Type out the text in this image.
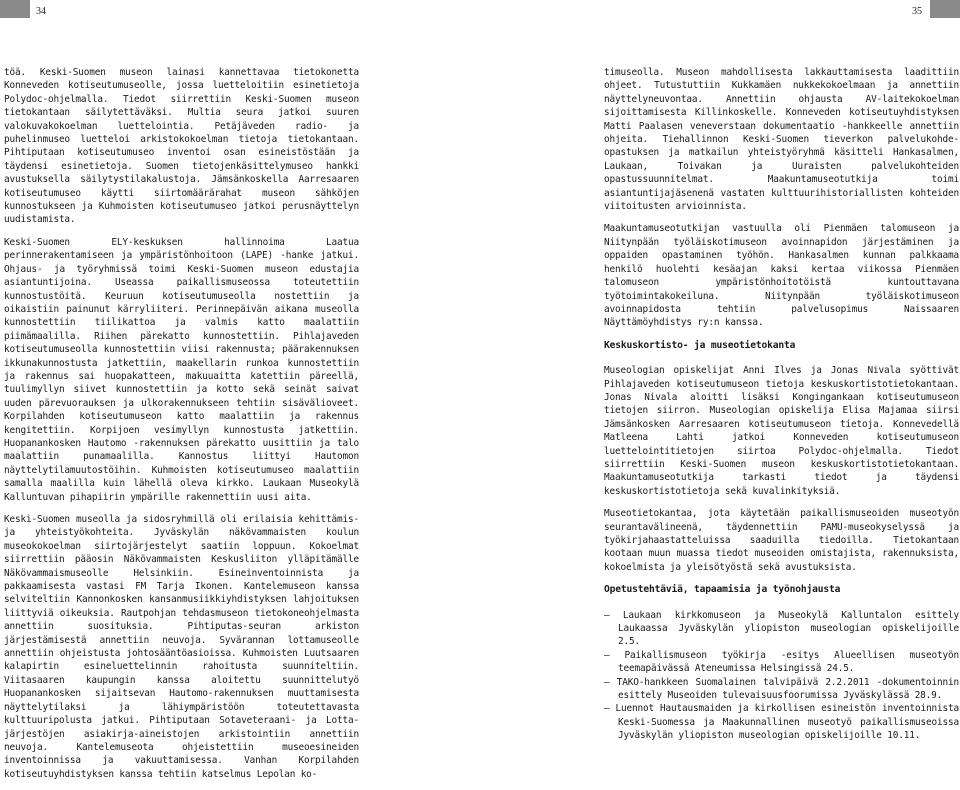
34	35

töä. Keski-Suomen museon lainasi kannettavaa tietokonetta Konneveden kotiseutumuseolle, jossa luetteloitiin esinetietoja Polydoc-ohjelmalla. Tiedot siirrettiin Keski-Suomen museon tietokantaan säilytettäväksi. Multia seura jatkoi suuren valokuvakokoelman luettelointia. Petäjäveden radio- ja puhelinmuseo luetteloi arkistokokoelman tietoja tietokantaan. Pihtiputaan kotiseutumuseo inventoi osan esineistöstään ja täydensi esinetietoja. Suomen tietojenkäsittelymuseo hankki avustuksella säilytystilakalustoja. Jämsänkoskella Aarresaaren kotiseutumuseo käytti siirtomäärärahat museon sähköjen kunnostukseen ja Kuhmoisten kotiseutumuseo jatkoi perusnäyttelyn uudistamista.

Keski-Suomen ELY-keskuksen hallinnoima Laatua perinnerakentamiseen ja ympäristönhoitoon (LAPE) -hanke jatkui. Ohjaus- ja työryhmissä toimi Keski-Suomen museon edustajia asiantuntijoina. Useassa paikallismuseossa toteutettiin kunnostustöitä. Keuruun kotiseutumuseolla nostettiin ja oikaistiin painunut kärryliiteri. Perinnepäivän aikana museolla kunnostettiin tiilikattoa ja valmis katto maalattiin piimämaalilla. Riihen pärekatto kunnostettiin. Pihlajaveden kotiseutumuseolla kunnostettiin viisi rakennusta; päärakennuksen ikkunakunnostusta jatkettiin, maakellarin runkoa kunnostettiin ja rakennus sai huopakatteen, makuuaitta katettiin päreellä, tuulimyllyn siivet kunnostettiin ja kotto sekä seinät saivat uuden pärevuorauksen ja ulkorakennukseen tehtiin sisävälioveet. Korpilahden kotiseutumuseon katto maalattiin ja rakennus kengitettiin. Korpijoen vesimyllyn kunnostusta jatkettiin. Huopanankosken Hautomo -rakennuksen pärekatto uusittiin ja talo maalattiin punamaalilla. Kannostus liittyi Hautomon näyttelytilamuutostöihin. Kuhmoisten kotiseutumuseo maalattiin samalla maalilla kuin lähellä oleva kirkko. Laukaan Museokylä Kalluntuvan pihapiirin ympärille rakennettiin uusi aita.

Keski-Suomen museolla ja sidosryhmillä oli erilaisia kehittämis- ja yhteistyökohteita. Jyväskylän näkövammaisten koulun museokokoelman siirtojärjestelyt saatiin loppuun. Kokoelmat siirrettiin pääosin Näkövammaisten Keskusliiton ylläpitämälle Näkövammaismuseolle Helsinkiin. Esineinventoinnista ja pakkaamisesta vastasi FM Tarja Ikonen. Kantelemuseon kanssa selviteltiin Kannonkosken kansanmusiikkiyhdistyksen lahjoituksen liittyviä oikeuksia. Rautpohjan tehdasmuseon tietokoneohjelmasta annettiin suosituksia. Pihtiputas-seuran arkiston järjestämisestä annettiin neuvoja. Syvärannan lottamuseolle annettiin ohjeistusta johtosääntöasioissa. Kuhmoisten Luutsaaren kalapirtin esineluettelinnin rahoitusta suunniteltiin. Viitasaaren kaupungin kanssa aloitettu suunnittelutyö Huopanankosken sijaitsevan Hautomo-rakennuksen muuttamisesta näyttelytilaksi ja lähiympäristöön toteutettavasta kulttuuripolusta jatkui. Pihtiputaan Sotaveteraani- ja Lotta-järjestöjen asiakirja-aineistojen arkistointiin annettiin neuvoja. Kantelemuseota ohjeistettiin museoesineiden inventoinnissa ja vakuuttamisessa. Vanhan Korpilahden kotiseutuyhdistyksen kanssa tehtiin katselmus Lepolan ko-

timuseolla. Museon mahdollisesta lakkauttamisesta laadittiin ohjeet. Tutustuttiin Kukkamäen nukkekokoelmaan ja annettiin näyttelyneuvontaa. Annettiin ohjausta AV-laitekokoelman sijoittamisesta Killinkoskelle. Konneveden kotiseutuyhdistyksen Matti Paalasen veneverstaan dokumentaatio -hankkeelle annettiin ohjeita. Tiehallinnon Keski-Suomen tieverkon palvelukohde-opastuksen ja matkailun yhteistyöryhmä käsitteli Hankasalmen, Laukaan, Toivakan ja Uuraisten palvelukohteiden opastussuunnitelmat. Maakuntamuseotutkija toimi asiantuntijajäsenenä vastaten kulttuurihistoriallisten kohteiden viitoitusten arvioinnista.

Maakuntamuseotutkijan vastuulla oli Pienmäen talomuseon ja Niitynpään työläiskotimuseon avoinnapidon järjestäminen ja oppaiden opastaminen työhön. Hankasalmen kunnan palkkaama henkilö huolehti kesäajan kaksi kertaa viikossa Pienmäen talomuseon ympäristönhoitotöistä kuntouttavana työtoimintakokeiluna. Niitynpään työläiskotimuseon avoinnapidosta tehtiin palvelusopimus Naissaaren Näyttämöyhdistys ry:n kanssa.

Keskuskortisto- ja museotietokanta

Museologian opiskelijat Anni Ilves ja Jonas Nivala syöttivät Pihlajaveden kotiseutumuseon tietoja keskuskortistotietokantaan. Jonas Nivala aloitti lisäksi Kongingankaan kotiseutumuseon tietojen siirron. Museologian opiskelija Elisa Majamaa siirsi Jämsänkosken Aarresaaren kotiseutumuseon tietoja. Konnevedellä Matleena Lahti jatkoi Konneveden kotiseutumuseon luettelointitietojen siirtoa Polydoc-ohjelmalla. Tiedot siirrettiin Keski-Suomen museon keskuskortistotietokantaan. Maakuntamuseotutkija tarkasti tiedot ja täydensi keskuskortistotietoja sekä kuvalinkityksiä.

Museotietokantaa, jota käytetään paikallismuseoiden museotyön seurantavälineenä, täydennettiin PAMU-museokyselyssä ja työkirjahaastatteluissa saaduilla tiedoilla. Tietokantaan kootaan muun muassa tiedot museoiden omistajista, rakennuksista, kokoelmista ja yleisötyöstä sekä avustuksista.

Opetustehtäviä, tapaamisia ja työnohjausta
– Laukaan kirkkomuseon ja Museokylä Kalluntalon esittely Laukaassa Jyväskylän yliopiston museologian opiskelijoille 2.5.
– Paikallismuseon työkirja -esitys Alueellisen museotyön teemapäivässä Ateneumissa Helsingissä 24.5.
– TAKO-hankkeen Suomalainen talvipäivä 2.2.2011 -dokumentoinnin esittely Museoiden tulevaisuusfoorumissa Jyväskylässä 28.9.
– Luennot Hautausmaiden ja kirkollisen esineistön inventoinnista Keski-Suomessa ja Maakunnallinen museotyö paikallismuseoissa Jyväskylän yliopiston museologian opiskelijoille 10.11.
